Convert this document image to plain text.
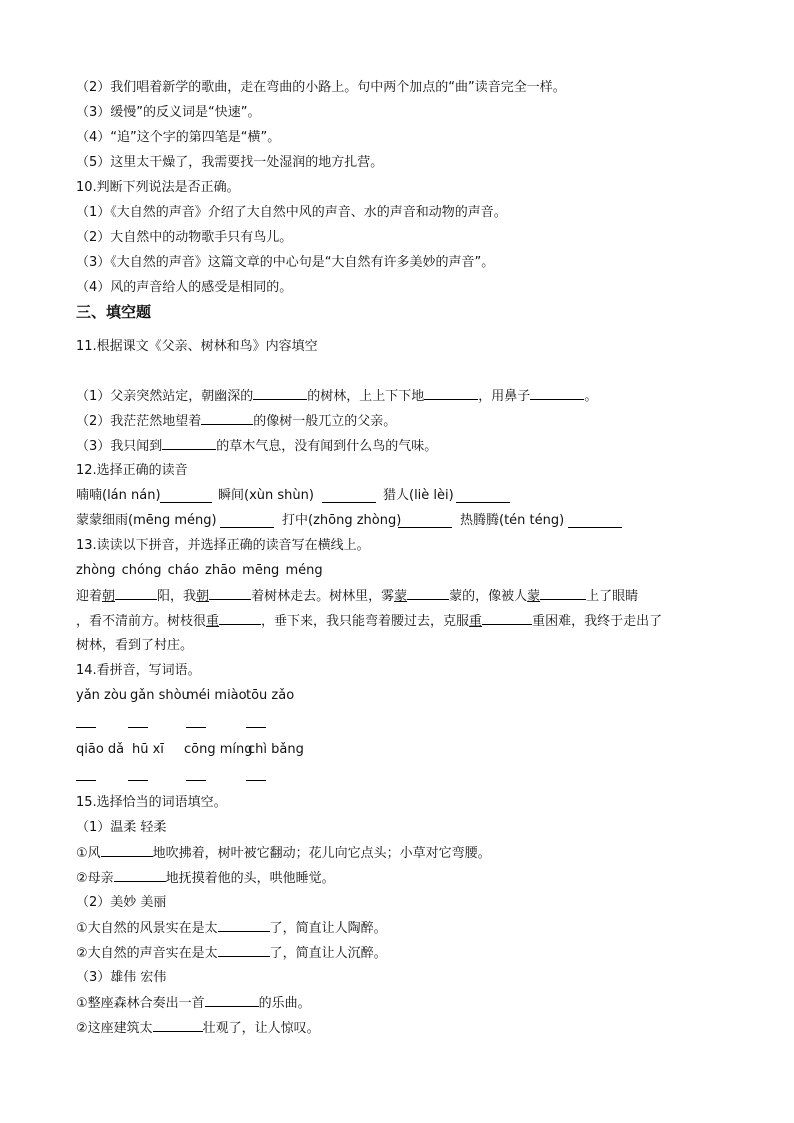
（2）我们唱着新学的歌曲，走在弯曲的小路上。句中两个加点的“曲”读音完全一样。

（3）缓慢”的反义词是“快速”。

（4）“追”这个字的第四笔是“横”。

（5）这里太干燥了，我需要找一处湿润的地方扎营。

10.判断下列说法是否正确。

（1）《大自然的声音》介绍了大自然中风的声音、水的声音和动物的声音。

（2）大自然中的动物歌手只有鸟儿。

（3）《大自然的声音》这篇文章的中心句是“大自然有许多美妙的声音”。

（4）风的声音给人的感受是相同的。

三、填空题

11.根据课文《父亲、树林和鸟》内容填空

（1）父亲突然站定，朝幽深的	的树林，上上下下地	，用鼻子	。

（2）我茫茫然地望着	的像树一般兀立的父亲。

（3）我只闻到	的草木气息，没有闻到什么鸟的气味。

12.选择正确的读音

喃喃(lán nán)	瞬间(xùn shùn)	猎人(liè lèi)
蒙蒙细雨(mēng méng)	打中(zhōng zhòng)	热腾腾(tén téng)

13.读读以下拼音，并选择正确的读音写在横线上。

zhòng chóng cháo zhāo mēng méng

迎着朝	阳，我朝	着树林走去。树林里，雾蒙	蒙的，像被人蒙	上了眼睛

，看不清前方。树枝很重	，垂下来，我只能弯着腰过去，克服重	重困难，我终于走出了

树林，看到了村庄。

14.看拼音，写词语。

yǎn zòu gǎn shòu
méi miào tōu zǎo
qiāo dǎ hū xī cōng míng
chì bǎng

15.选择恰当的词语填空。

（1）温柔 轻柔

①风	地吹拂着，树叶被它翻动；花儿向它点头；小草对它弯腰。

②母亲	地抚摸着他的头，哄他睡觉。

（2）美妙 美丽

①大自然的风景实在是太	了，简直让人陶醉。

②大自然的声音实在是太	了，简直让人沉醉。

（3）雄伟 宏伟

①整座森林合奏出一首	的乐曲。

②这座建筑太	壮观了，让人惊叹。
